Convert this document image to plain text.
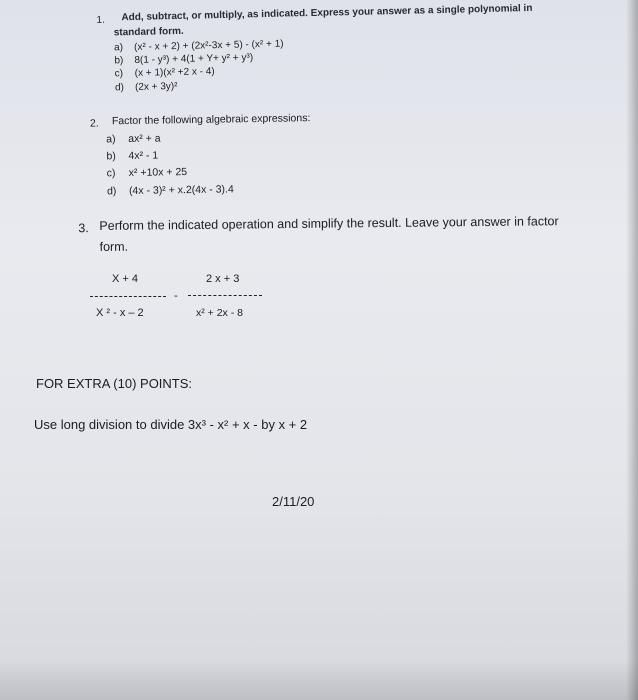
1. Add, subtract, or multiply, as indicated. Express your answer as a single polynomial in
standard form.
a) (x² - x + 2) + (2x²-3x + 5) - (x² + 1)
b) 8(1 - y³) + 4(1 + Y+ y² + y³)
c) (x + 1)(x² +2 x - 4)
d) (2x + 3y)²
2. Factor the following algebraic expressions:
a) ax² + a
b) 4x² - 1
c) x² +10x + 25
d) (4x - 3)² + x.2(4x - 3).4
3. Perform the indicated operation and simplify the result. Leave your answer in factor
form.
X + 4
X ² - x – 2
-
2 x + 3
x² + 2x - 8
FOR EXTRA (10) POINTS:
Use long division to divide 3x³ - x² + x - by x + 2
2/11/20
